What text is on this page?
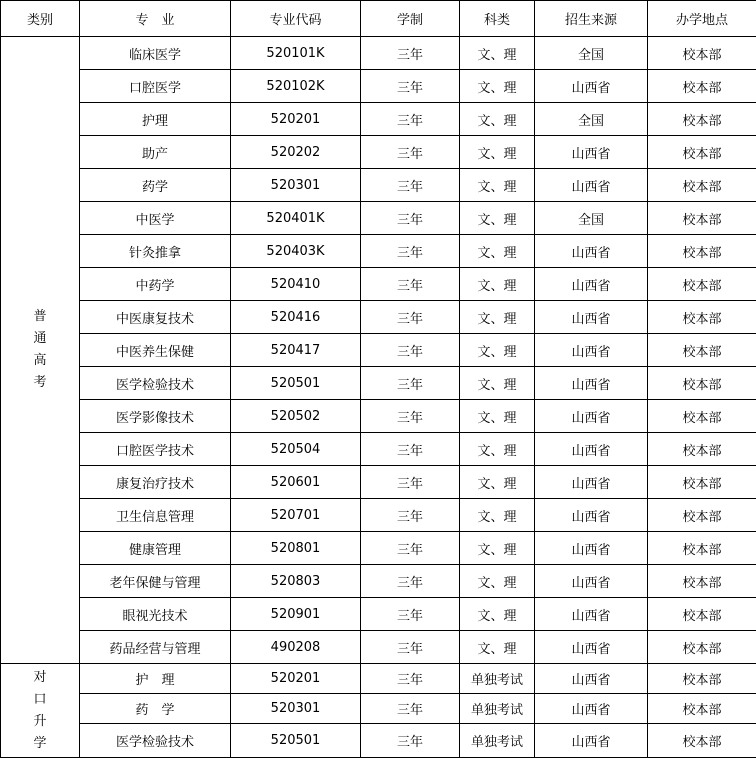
类别	专　业	专业代码	学制	科类	招生来源	办学地点

普通高考	临床医学	520101K	三年	文、理	全国	校本部
	口腔医学	520102K	三年	文、理	山西省	校本部
	护理	520201	三年	文、理	全国	校本部
	助产	520202	三年	文、理	山西省	校本部
	药学	520301	三年	文、理	山西省	校本部
	中医学	520401K	三年	文、理	全国	校本部
	针灸推拿	520403K	三年	文、理	山西省	校本部
	中药学	520410	三年	文、理	山西省	校本部
	中医康复技术	520416	三年	文、理	山西省	校本部
	中医养生保健	520417	三年	文、理	山西省	校本部
	医学检验技术	520501	三年	文、理	山西省	校本部
	医学影像技术	520502	三年	文、理	山西省	校本部
	口腔医学技术	520504	三年	文、理	山西省	校本部
	康复治疗技术	520601	三年	文、理	山西省	校本部
	卫生信息管理	520701	三年	文、理	山西省	校本部
	健康管理	520801	三年	文、理	山西省	校本部
	老年保健与管理	520803	三年	文、理	山西省	校本部
	眼视光技术	520901	三年	文、理	山西省	校本部
	药品经营与管理	490208	三年	文、理	山西省	校本部

对口升学	护　理	520201	三年	单独考试	山西省	校本部
	药　学	520301	三年	单独考试	山西省	校本部
	医学检验技术	520501	三年	单独考试	山西省	校本部
